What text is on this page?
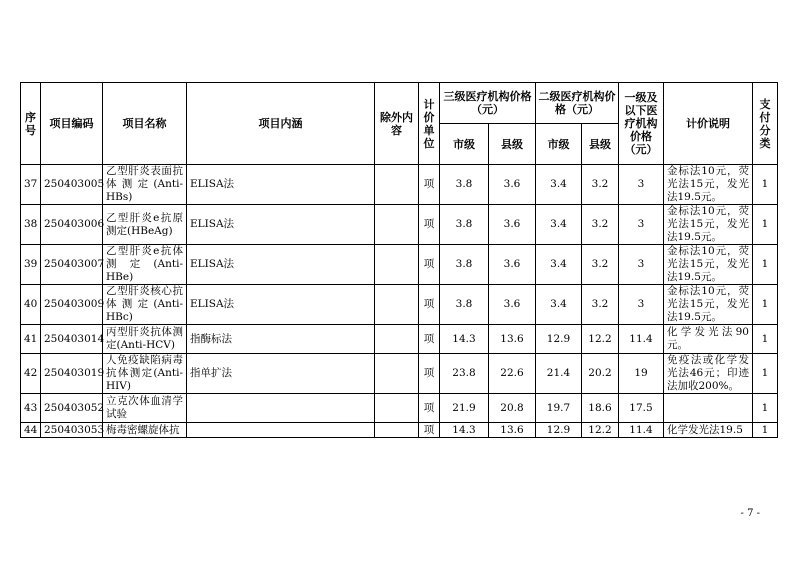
序号	项目编码	项目名称	项目内涵	除外内容	计价单位	三级医疗机构价格（元）		二级医疗机构价格（元）		一级及以下医疗机构价格（元）	计价说明	支付分类
						市级	县级	市级	县级			
37	250403005	乙型肝炎表面抗体测定(Anti-HBs)	ELISA法		项	3.8	3.6	3.4	3.2	3	金标法10元，荧光法15元，发光法19.5元。	1
38	250403006	乙型肝炎e抗原测定(HBeAg)	ELISA法		项	3.8	3.6	3.4	3.2	3	金标法10元，荧光法15元，发光法19.5元。	1
39	250403007	乙型肝炎e抗体测定(Anti-HBe)	ELISA法		项	3.8	3.6	3.4	3.2	3	金标法10元，荧光法15元，发光法19.5元。	1
40	250403009	乙型肝炎核心抗体测定(Anti-HBc)	ELISA法		项	3.8	3.6	3.4	3.2	3	金标法10元，荧光法15元，发光法19.5元。	1
41	250403014	丙型肝炎抗体测定(Anti-HCV)	指酶标法		项	14.3	13.6	12.9	12.2	11.4	化学发光法90元。	1
42	250403019	人免疫缺陷病毒抗体测定(Anti-HIV)	指单扩法		项	23.8	22.6	21.4	20.2	19	免疫法或化学发光法46元；印迹法加收200%。	1
43	250403052	立克次体血清学试验			项	21.9	20.8	19.7	18.6	17.5		1
44	250403053	梅毒密螺旋体抗			项	14.3	13.6	12.9	12.2	11.4	化学发光法19.5	1
- 7 -
